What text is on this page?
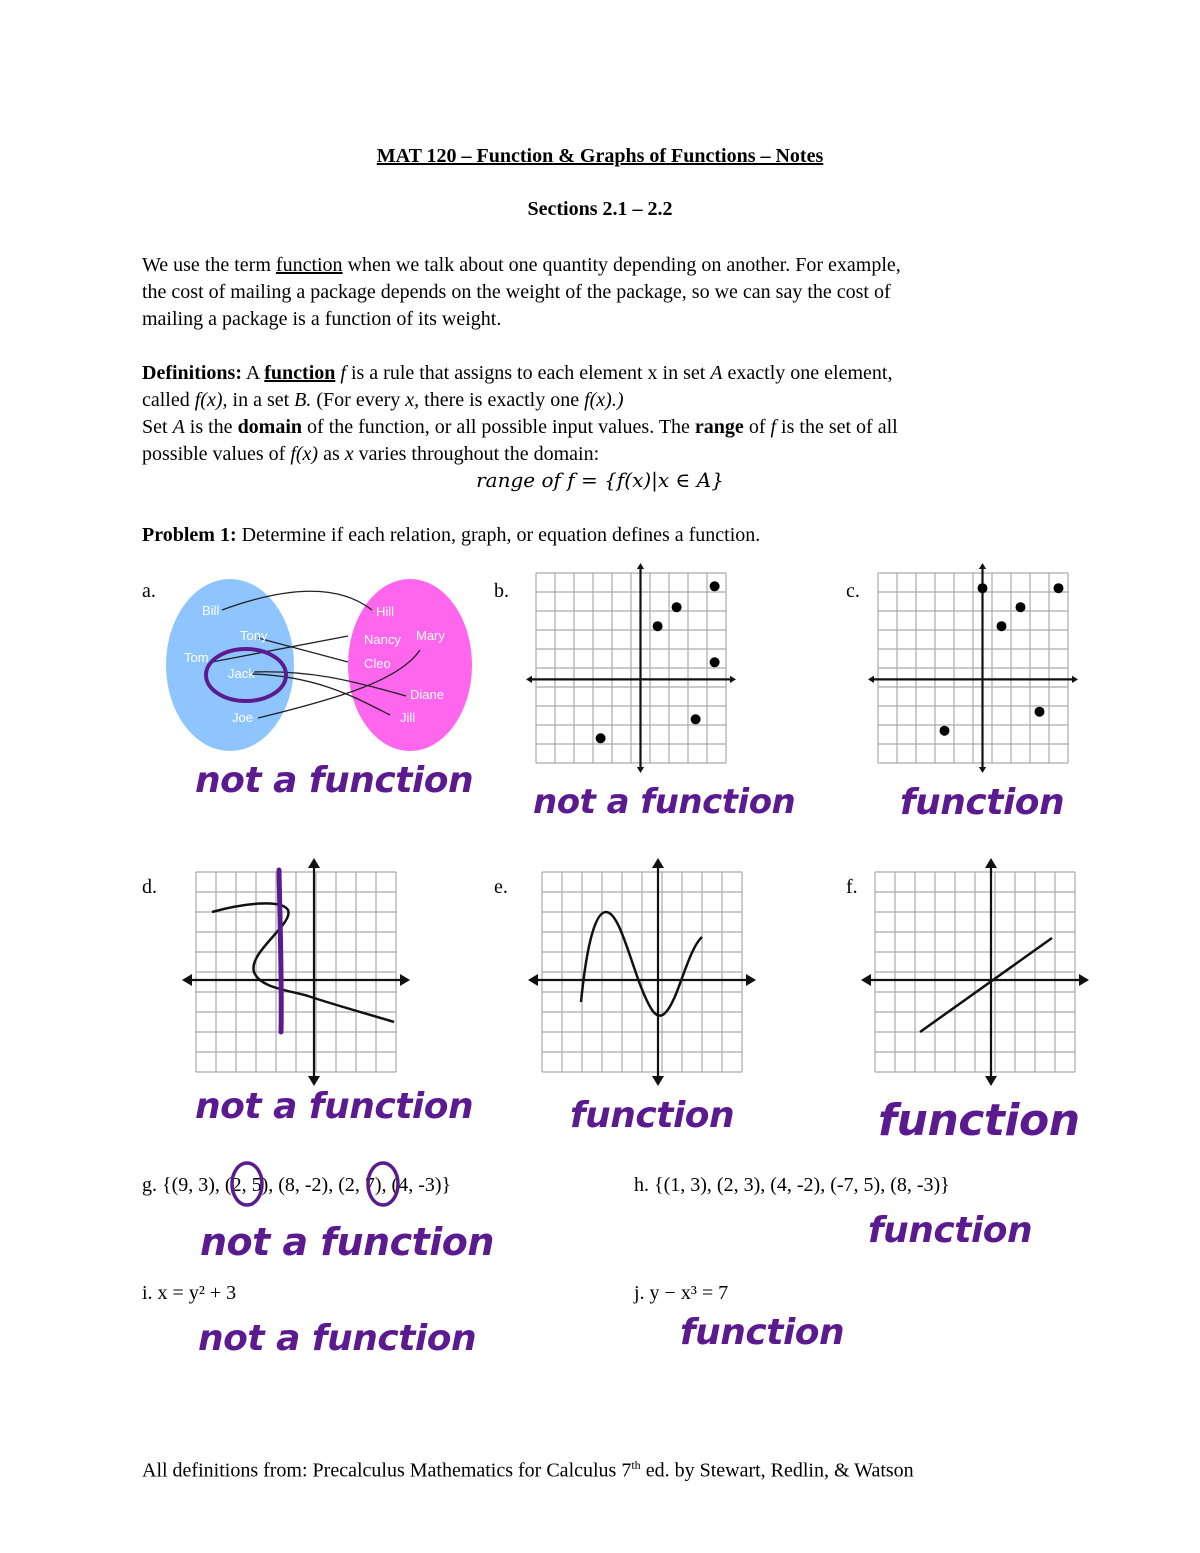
MAT 120 – Function & Graphs of Functions – Notes
Sections 2.1 – 2.2
We use the term function when we talk about one quantity depending on another. For example,
the cost of mailing a package depends on the weight of the package, so we can say the cost of
mailing a package is a function of its weight.
Definitions: A function f is a rule that assigns to each element x in set A exactly one element,
called f(x), in a set B. (For every x, there is exactly one f(x).)
Set A is the domain of the function, or all possible input values. The range of f is the set of all
possible values of f(x) as x varies throughout the domain:
range of f = {f(x)|x ∈ A}
Problem 1: Determine if each relation, graph, or equation defines a function.
a.	b.	c.
d.	e.	f.
Bill
Tony
Tom
Jack
Joe
Hill
Nancy Mary
Cleo
Diane
Jill
not a function
not a function	function
not a function	function	function
g. {(9, 3), (2, 5), (8, -2), (2, 7), (4, -3)}	h. {(1, 3), (2, 3), (4, -2), (-7, 5), (8, -3)}
not a function	function
i. x = y² + 3	j. y − x³ = 7
not a function	function
All definitions from: Precalculus Mathematics for Calculus 7th ed. by Stewart, Redlin, & Watson
